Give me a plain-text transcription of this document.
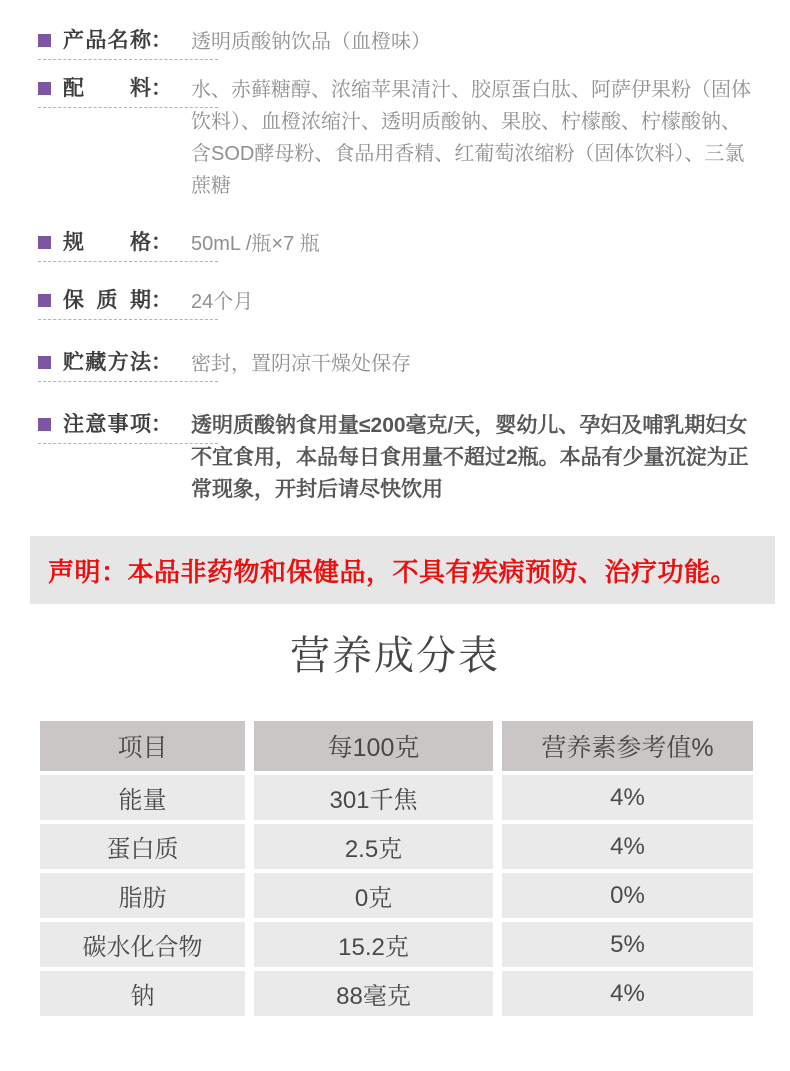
产品名称 ： 透明质酸钠饮品（血橙味）
配料 ： 水、赤藓糖醇、浓缩苹果清汁、胶原蛋白肽、阿萨伊果粉（固体饮料）、血橙浓缩汁、透明质酸钠、果胶、柠檬酸、柠檬酸钠、含SOD酵母粉、食品用香精、红葡萄浓缩粉（固体饮料）、三氯蔗糖
规格 ： 50mL /瓶×7 瓶
保质期 ： 24个月
贮藏方法 ： 密封，置阴凉干燥处保存
注意事项 ： 透明质酸钠食用量≤200毫克/天，婴幼儿、孕妇及哺乳期妇女不宜食用，本品每日食用量不超过2瓶。本品有少量沉淀为正常现象，开封后请尽快饮用
声明：本品非药物和保健品，不具有疾病预防、治疗功能。
营养成分表
项目	每100克	营养素参考值%
能量	301千焦	4%
蛋白质	2.5克	4%
脂肪	0克	0%
碳水化合物	15.2克	5%
钠	88毫克	4%
